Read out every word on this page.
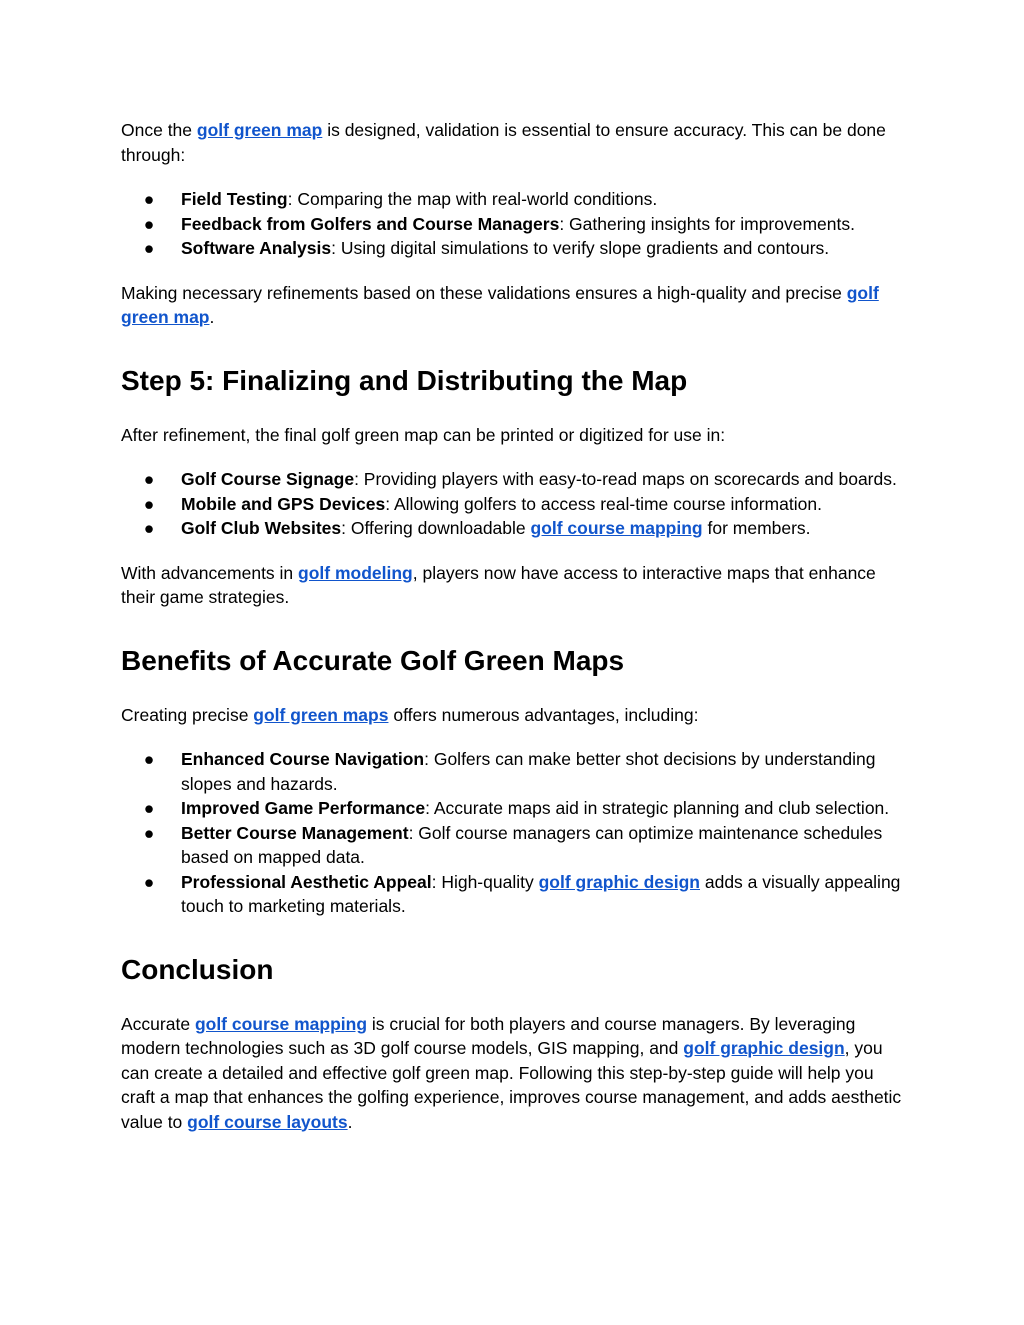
Once the golf green map is designed, validation is essential to ensure accuracy. This can be done through:

● Field Testing: Comparing the map with real-world conditions.
● Feedback from Golfers and Course Managers: Gathering insights for improvements.
● Software Analysis: Using digital simulations to verify slope gradients and contours.

Making necessary refinements based on these validations ensures a high-quality and precise golf green map.

Step 5: Finalizing and Distributing the Map

After refinement, the final golf green map can be printed or digitized for use in:

● Golf Course Signage: Providing players with easy-to-read maps on scorecards and boards.
● Mobile and GPS Devices: Allowing golfers to access real-time course information.
● Golf Club Websites: Offering downloadable golf course mapping for members.

With advancements in golf modeling, players now have access to interactive maps that enhance their game strategies.

Benefits of Accurate Golf Green Maps

Creating precise golf green maps offers numerous advantages, including:

● Enhanced Course Navigation: Golfers can make better shot decisions by understanding slopes and hazards.
● Improved Game Performance: Accurate maps aid in strategic planning and club selection.
● Better Course Management: Golf course managers can optimize maintenance schedules based on mapped data.
● Professional Aesthetic Appeal: High-quality golf graphic design adds a visually appealing touch to marketing materials.
Conclusion

Accurate golf course mapping is crucial for both players and course managers. By leveraging modern technologies such as 3D golf course models, GIS mapping, and golf graphic design, you can create a detailed and effective golf green map. Following this step-by-step guide will help you craft a map that enhances the golfing experience, improves course management, and adds aesthetic value to golf course layouts.
